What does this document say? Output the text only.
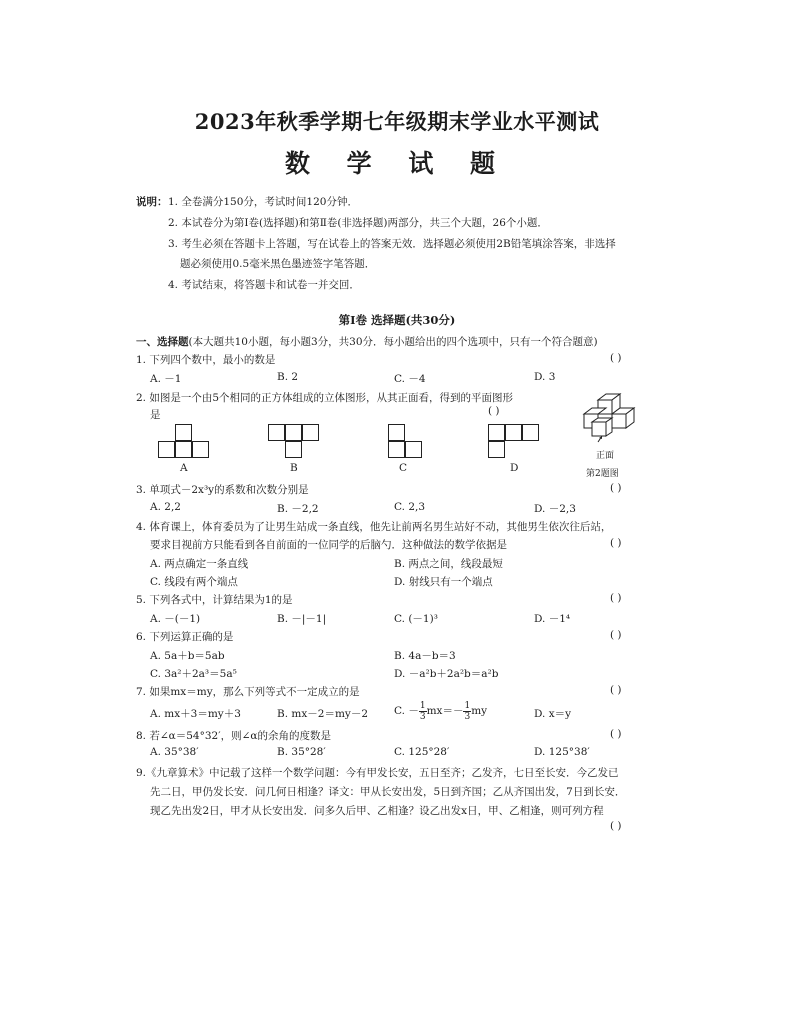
2023年秋季学期七年级期末学业水平测试
数 学 试 题
说明： 1. 全卷满分150分，考试时间120分钟．
2. 本试卷分为第Ⅰ卷(选择题)和第Ⅱ卷(非选择题)两部分，共三个大题，26个小题．
3. 考生必须在答题卡上答题，写在试卷上的答案无效．选择题必须使用2B铅笔填涂答案，非选择
题必须使用0.5毫米黑色墨迹签字笔答题．
4. 考试结束，将答题卡和试卷一并交回．
第Ⅰ卷 选择题(共30分)
一、选择题(本大题共10小题，每小题3分，共30分．每小题给出的四个选项中，只有一个符合题意)
1. 下列四个数中，最小的数是	( )
A. －1	B. 2	C. －4	D. 3
2. 如图是一个由5个相同的正方体组成的立体图形，从其正面看，得到的平面图形
是	( )
A	B	C	D
正面
第2题图
3. 单项式－2x³y的系数和次数分别是	( )
A. 2,2	B. －2,2	C. 2,3	D. －2,3
4. 体育课上，体育委员为了让男生站成一条直线，他先让前两名男生站好不动，其他男生依次往后站，
要求目视前方只能看到各自前面的一位同学的后脑勺．这种做法的数学依据是	( )
A. 两点确定一条直线	B. 两点之间，线段最短
C. 线段有两个端点	D. 射线只有一个端点
5. 下列各式中，计算结果为1的是	( )
A. －(－1)	B. －|－1|	C. (－1)³	D. －1⁴
6. 下列运算正确的是	( )
A. 5a＋b＝5ab	B. 4a－b＝3
C. 3a²＋2a³＝5a⁵	D. －a²b＋2a²b＝a²b
7. 如果mx＝my，那么下列等式不一定成立的是	( )
A. mx＋3＝my＋3	B. mx－2＝my－2 C. － $\frac{1}{3} mx=- \frac{1}{3}$ my	D. x＝y
8. 若∠α＝54°32′，则∠α的余角的度数是	( )
A. 35°38′	B. 35°28′	C. 125°28′	D. 125°38′
9.《九章算术》中记载了这样一个数学问题：今有甲发长安，五日至齐；乙发齐，七日至长安．今乙发已
先二日，甲仍发长安．问几何日相逢？译文：甲从长安出发，5日到齐国；乙从齐国出发，7日到长安．
现乙先出发2日，甲才从长安出发．问多久后甲、乙相逢？设乙出发x日，甲、乙相逢，则可列方程
( )
